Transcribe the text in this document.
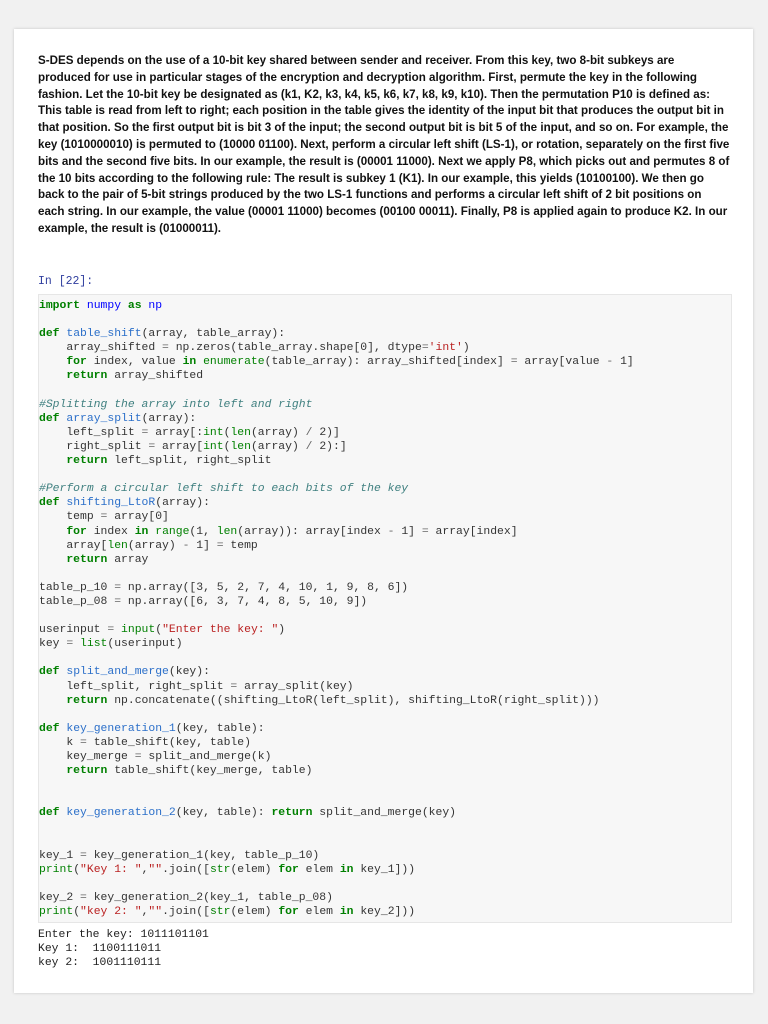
S-DES depends on the use of a 10-bit key shared between sender and receiver. From this key, two 8-bit subkeys are produced for use in particular stages of the encryption and decryption algorithm. First, permute the key in the following fashion. Let the 10-bit key be designated as (k1, K2, k3, k4, k5, k6, k7, k8, k9, k10). Then the permutation P10 is defined as: This table is read from left to right; each position in the table gives the identity of the input bit that produces the output bit in that position. So the first output bit is bit 3 of the input; the second output bit is bit 5 of the input, and so on. For example, the key (1010000010) is permuted to (10000 01100). Next, perform a circular left shift (LS-1), or rotation, separately on the first five bits and the second five bits. In our example, the result is (00001 11000). Next we apply P8, which picks out and permutes 8 of the 10 bits according to the following rule: The result is subkey 1 (K1). In our example, this yields (10100100). We then go back to the pair of 5-bit strings produced by the two LS-1 functions and performs a circular left shift of 2 bit positions on each string. In our example, the value (00001 11000) becomes (00100 00011). Finally, P8 is applied again to produce K2. In our example, the result is (01000011).

In [22]:
import numpy as np

def table_shift(array, table_array):
array_shifted = np.zeros(table_array.shape[0], dtype='int')
for index, value in enumerate(table_array): array_shifted[index] = array[value - 1]
return array_shifted

#Splitting the array into left and right
def array_split(array):
left_split = array[:int(len(array) / 2)]
right_split = array[int(len(array) / 2):]
return left_split, right_split

#Perform a circular left shift to each bits of the key
def shifting_LtoR(array):
temp = array[0]
for index in range(1, len(array)): array[index - 1] = array[index]
array[len(array) - 1] = temp
return array

table_p_10 = np.array([3, 5, 2, 7, 4, 10, 1, 9, 8, 6])
table_p_08 = np.array([6, 3, 7, 4, 8, 5, 10, 9])

userinput = input("Enter the key: ")
key = list(userinput)

def split_and_merge(key):
left_split, right_split = array_split(key)
return np.concatenate((shifting_LtoR(left_split), shifting_LtoR(right_split)))

def key_generation_1(key, table):
k = table_shift(key, table)
key_merge = split_and_merge(k)
return table_shift(key_merge, table)

def key_generation_2(key, table): return split_and_merge(key)

key_1 = key_generation_1(key, table_p_10)
print("Key 1: ","".join([str(elem) for elem in key_1]))

key_2 = key_generation_2(key_1, table_p_08)
print("key 2: ","".join([str(elem) for elem in key_2]))
Enter the key: 1011101101
Key 1:  1100111011
key 2:  1001110111
